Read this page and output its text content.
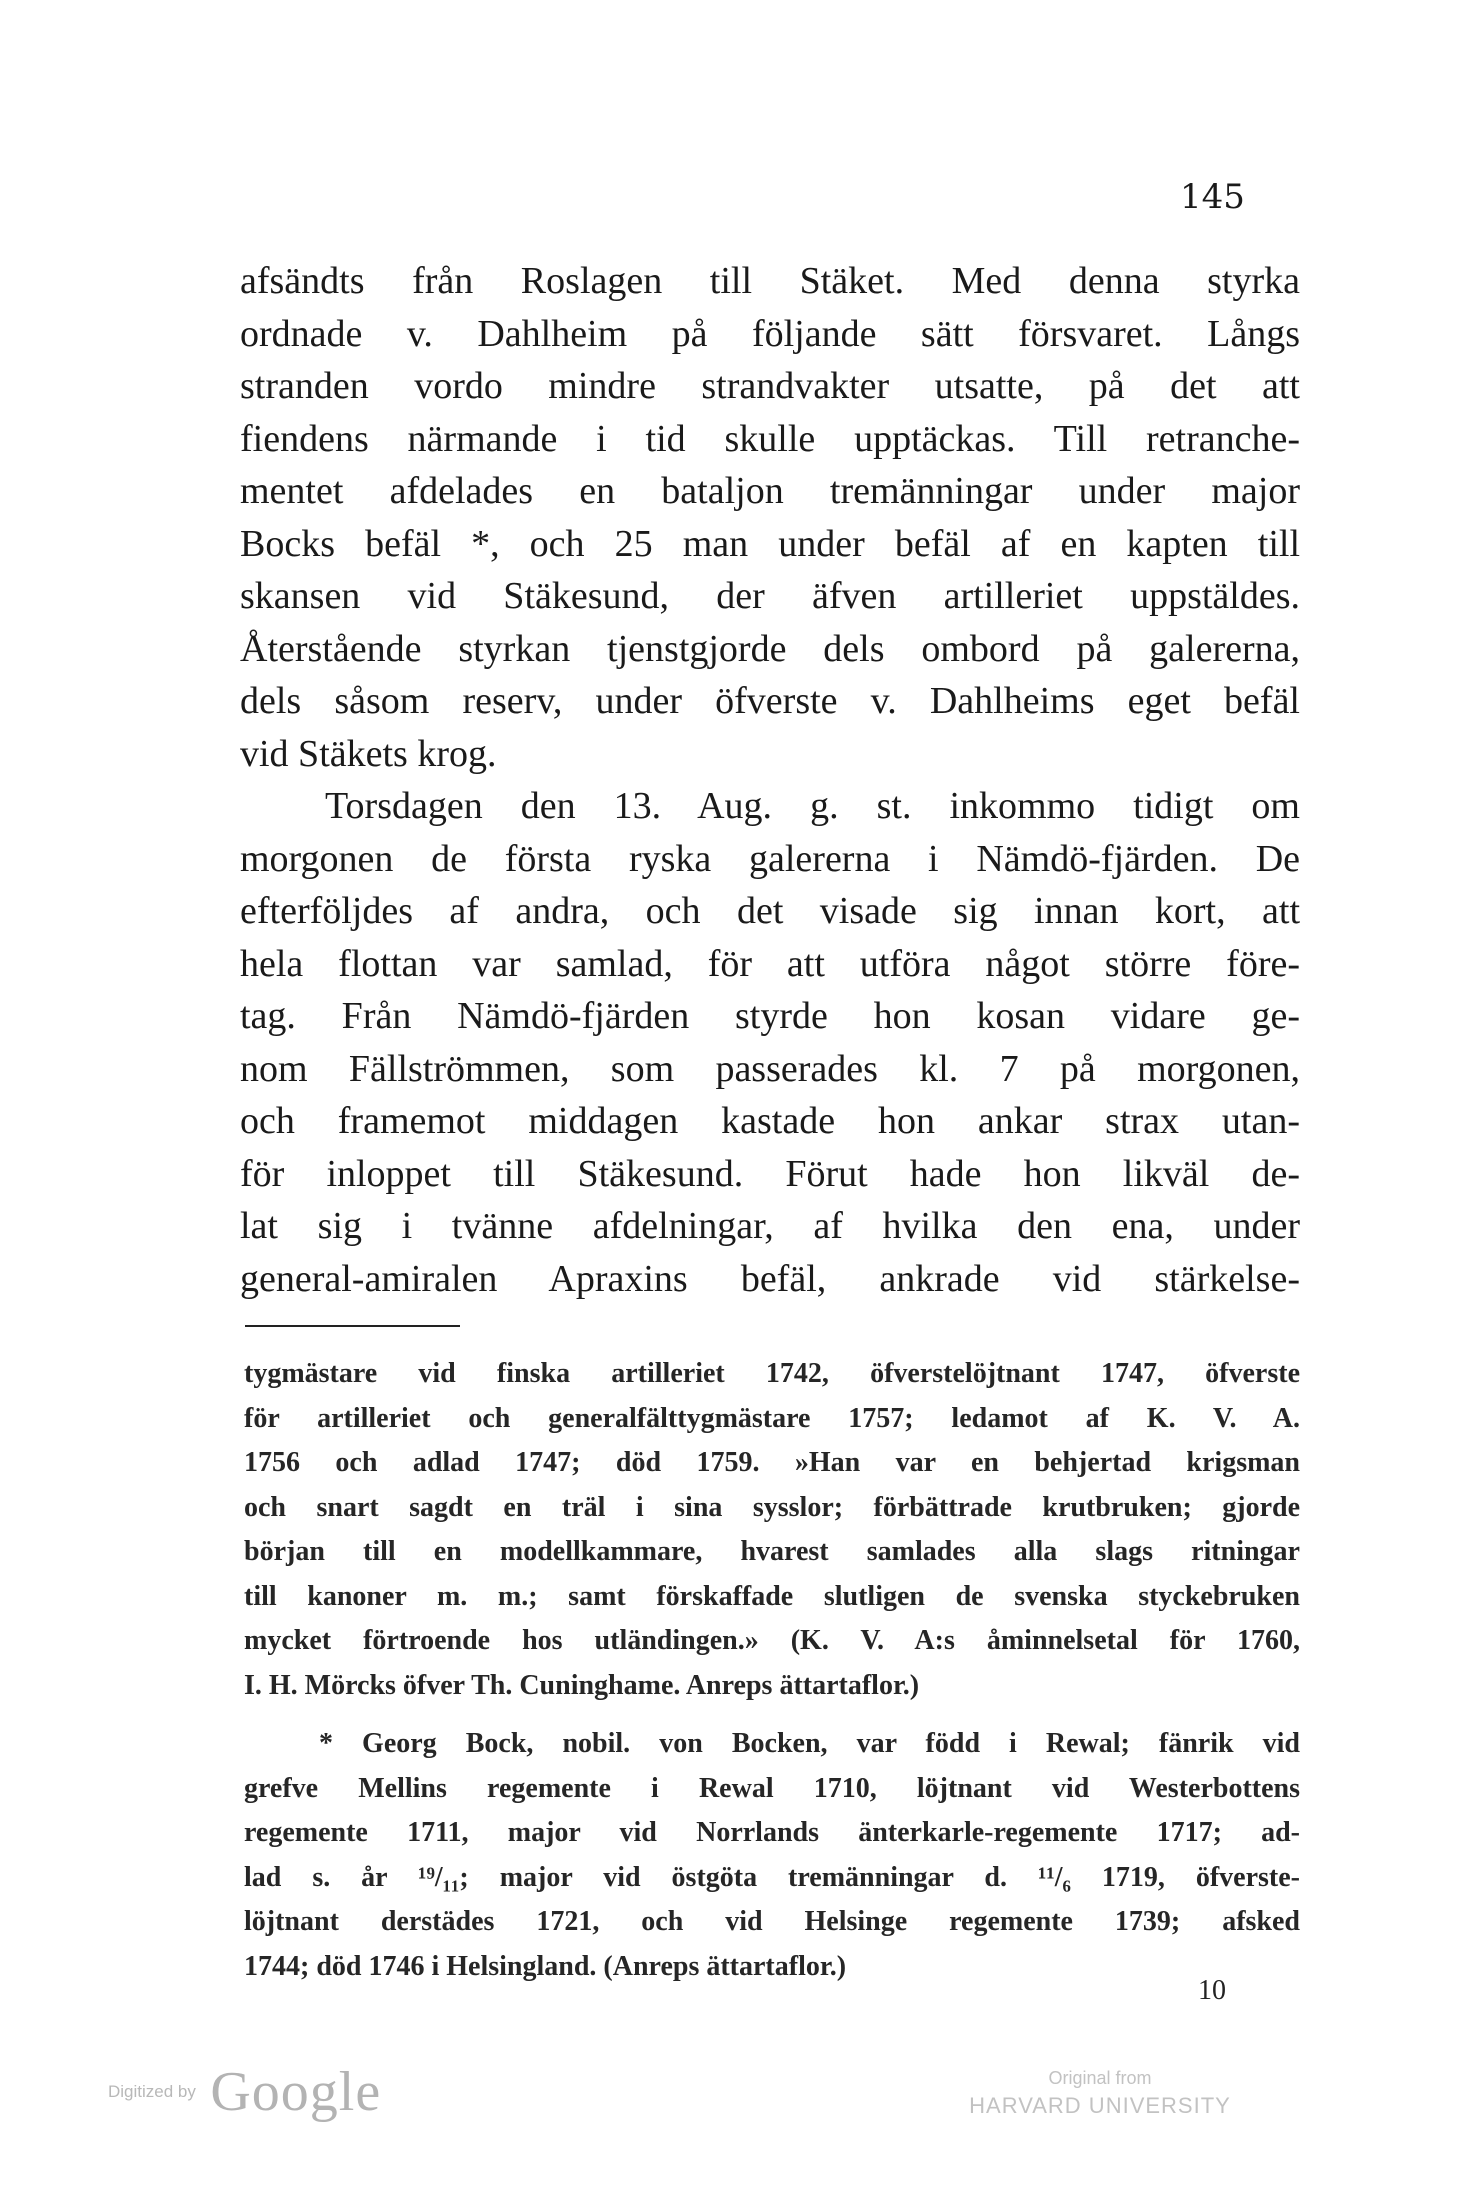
145
afsändts från Roslagen till Stäket. Med denna styrka
ordnade v. Dahlheim på följande sätt försvaret. Långs
stranden vordo mindre strandvakter utsatte, på det att
fiendens närmande i tid skulle upptäckas. Till retranche-
mentet afdelades en bataljon tremänningar under major
Bocks befäl *, och 25 man under befäl af en kapten till
skansen vid Stäkesund, der äfven artilleriet uppstäldes.
Återstående styrkan tjenstgjorde dels ombord på galererna,
dels såsom reserv, under öfverste v. Dahlheims eget befäl
vid Stäkets krog.
Torsdagen den 13. Aug. g. st. inkommo tidigt om
morgonen de första ryska galererna i Nämdö-fjärden. De
efterföljdes af andra, och det visade sig innan kort, att
hela flottan var samlad, för att utföra något större före-
tag. Från Nämdö-fjärden styrde hon kosan vidare ge-
nom Fällströmmen, som passerades kl. 7 på morgonen,
och framemot middagen kastade hon ankar strax utan-
för inloppet till Stäkesund. Förut hade hon likväl de-
lat sig i tvänne afdelningar, af hvilka den ena, under
general-amiralen Apraxins befäl, ankrade vid stärkelse-
tygmästare vid finska artilleriet 1742, öfverstelöjtnant 1747, öfverste
för artilleriet och generalfälttygmästare 1757; ledamot af K. V. A.
1756 och adlad 1747; död 1759. »Han var en behjertad krigsman
och snart sagdt en träl i sina sysslor; förbättrade krutbruken; gjorde
början till en modellkammare, hvarest samlades alla slags ritningar
till kanoner m. m.; samt förskaffade slutligen de svenska styckebruken
mycket förtroende hos utländingen.» (K. V. A:s åminnelsetal för 1760,
I. H. Mörcks öfver Th. Cuninghame. Anreps ättartaflor.)
* Georg Bock, nobil. von Bocken, var född i Rewal; fänrik vid
grefve Mellins regemente i Rewal 1710, löjtnant vid Westerbottens
regemente 1711, major vid Norrlands änterkarle-regemente 1717; ad-
lad s. år ¹⁹/₁₁; major vid östgöta tremänningar d. ¹¹/₆ 1719, öfverste-
löjtnant derstädes 1721, och vid Helsinge regemente 1739; afsked
1744; död 1746 i Helsingland. (Anreps ättartaflor.)
10
Digitized by Google	Original from
HARVARD UNIVERSITY
